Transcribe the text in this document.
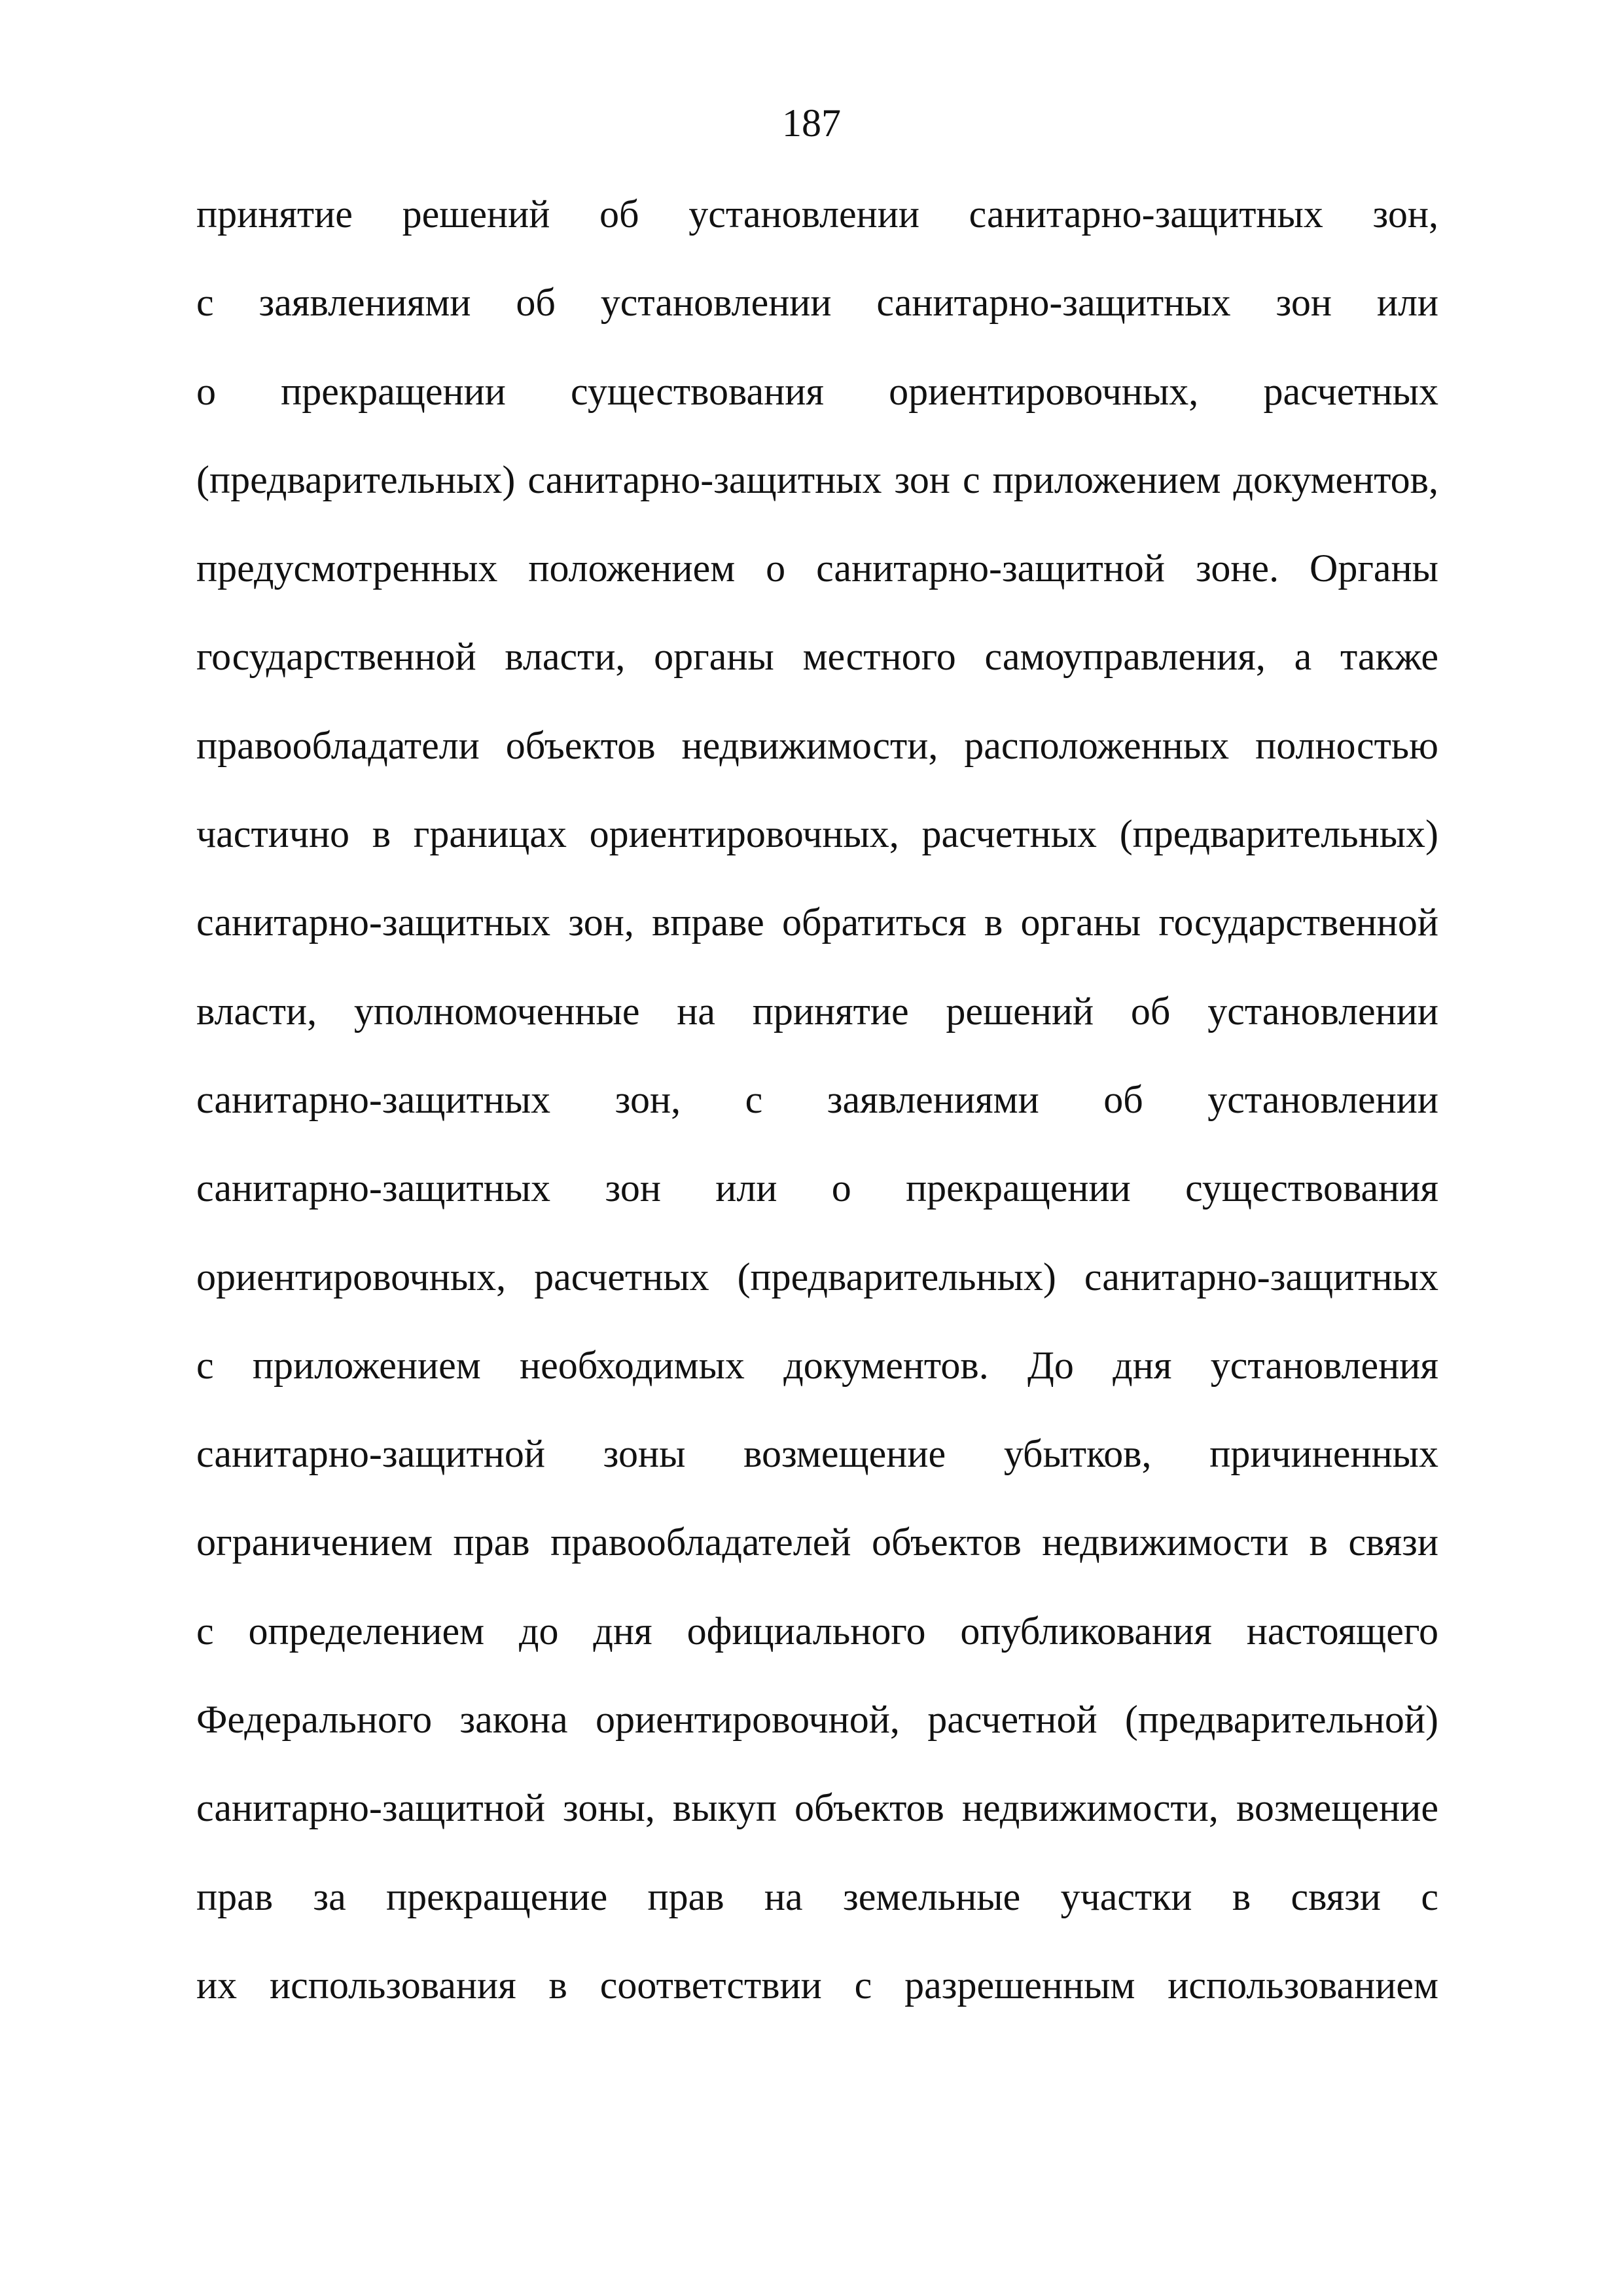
187
принятие решений об установлении санитарно-защитных зон,
с заявлениями об установлении санитарно-защитных зон или
о прекращении существования ориентировочных, расчетных
(предварительных) санитарно-защитных зон с приложением документов,
предусмотренных положением о санитарно-защитной зоне. Органы
государственной власти, органы местного самоуправления, а также
правообладатели объектов недвижимости, расположенных полностью
частично в границах ориентировочных, расчетных (предварительных)
санитарно-защитных зон, вправе обратиться в органы государственной
власти, уполномоченные на принятие решений об установлении
санитарно-защитных зон, с заявлениями об установлении
санитарно-защитных зон или о прекращении существования
ориентировочных, расчетных (предварительных) санитарно-защитных
с приложением необходимых документов. До дня установления
санитарно-защитной зоны возмещение убытков, причиненных
ограничением прав правообладателей объектов недвижимости в связи
с определением до дня официального опубликования настоящего
Федерального закона ориентировочной, расчетной (предварительной)
санитарно-защитной зоны, выкуп объектов недвижимости, возмещение
прав за прекращение прав на земельные участки в связи с
их использования в соответствии с разрешенным использованием
